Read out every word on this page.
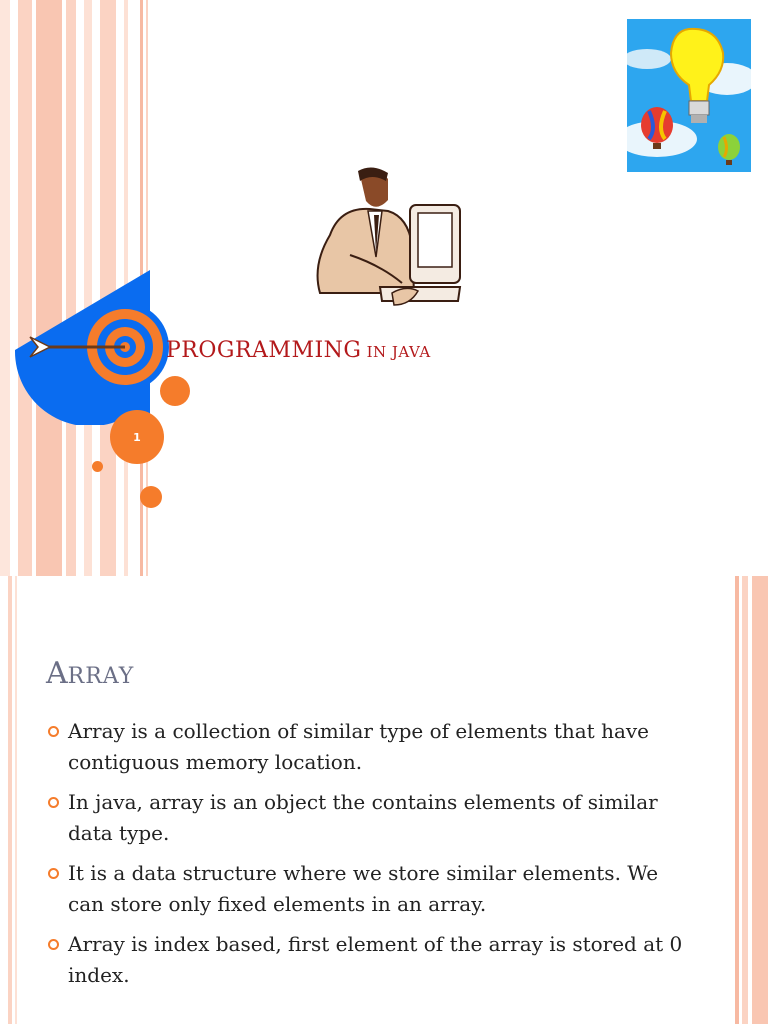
PROGRAMMING IN JAVA
1
ARRAY
Array is a collection of similar type of elements that have contiguous memory location.
In java, array is an object the contains elements of similar data type.
It is a data structure where we store similar elements. We can store only fixed elements in an array.
Array is index based, first element of the array is stored at 0 index.
